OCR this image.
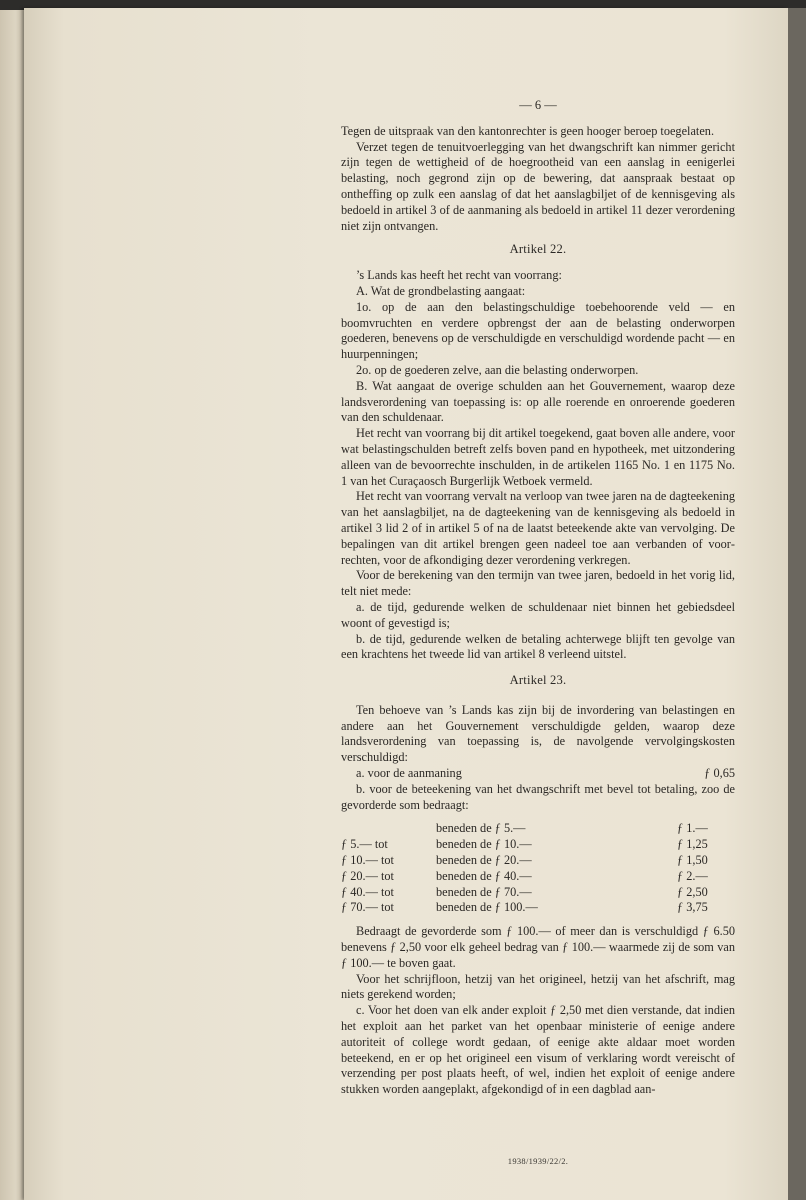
— 6 —

Tegen de uitspraak van den kantonrechter is geen hooger beroep toegelaten.

Verzet tegen de tenuitvoerlegging van het dwangschrift kan nimmer gericht zijn tegen de wettigheid of de hoegrootheid van een aanslag in eenigerlei belasting, noch gegrond zijn op de bewering, dat aanspraak bestaat op ontheffing op zulk een aanslag of dat het aanslagbiljet of de kennisgeving als bedoeld in artikel 3 of de aanmaning als bedoeld in artikel 11 dezer verordening niet zijn ontvangen.

Artikel 22.

’s Lands kas heeft het recht van voorrang:

A. Wat de grondbelasting aangaat:

1o. op de aan den belastingschuldige toebehoorende veld — en boomvruchten en verdere opbrengst der aan de belasting onderworpen goederen, benevens op de verschuldigde en verschuldigd wordende pacht — en huurpenningen;

2o. op de goederen zelve, aan die belasting onderworpen.

B. Wat aangaat de overige schulden aan het Gouvernement, waarop deze landsverordening van toepassing is: op alle roerende en onroerende goederen van den schuldenaar.

Het recht van voorrang bij dit artikel toegekend, gaat boven alle andere, voor wat belastingschulden betreft zelfs boven pand en hypotheek, met uitzondering alleen van de bevoorrechte inschulden, in de artikelen 1165 No. 1 en 1175 No. 1 van het Curaçaosch Burgerlijk Wetboek vermeld.

Het recht van voorrang vervalt na verloop van twee jaren na de dagteekening van het aanslagbiljet, na de dagteekening van de kennisgeving als bedoeld in artikel 3 lid 2 of in artikel 5 of na de laatst beteekende akte van vervolging. De bepalingen van dit artikel brengen geen nadeel toe aan verbanden of voorrechten, voor de afkondiging dezer verordening verkregen.

Voor de berekening van den termijn van twee jaren, bedoeld in het vorig lid, telt niet mede:

a. de tijd, gedurende welken de schuldenaar niet binnen het gebiedsdeel woont of gevestigd is;

b. de tijd, gedurende welken de betaling achterwege blijft ten gevolge van een krachtens het tweede lid van artikel 8 verleend uitstel.

Artikel 23.

Ten behoeve van ’s Lands kas zijn bij de invordering van belastingen en andere aan het Gouvernement verschuldigde gelden, waarop deze landsverordening van toepassing is, de navolgende vervolgingskosten verschuldigd:

a. voor de aanmaning	ƒ 0,65

b. voor de beteekening van het dwangschrift met bevel tot betaling, zoo de gevorderde som bedraagt:

	beneden de ƒ 5.—	ƒ 1.—
ƒ 5.— tot	beneden de ƒ 10.—	ƒ 1,25
ƒ 10.— tot	beneden de ƒ 20.—	ƒ 1,50
ƒ 20.— tot	beneden de ƒ 40.—	ƒ 2.—
ƒ 40.— tot	beneden de ƒ 70.—	ƒ 2,50
ƒ 70.— tot	beneden de ƒ 100.—	ƒ 3,75

Bedraagt de gevorderde som ƒ 100.— of meer dan is verschuldigd ƒ 6.50 benevens ƒ 2,50 voor elk geheel bedrag van ƒ 100.— waarmede zij de som van ƒ 100.— te boven gaat.

Voor het schrijfloon, hetzij van het origineel, hetzij van het afschrift, mag niets gerekend worden;

c. Voor het doen van elk ander exploit ƒ 2,50 met dien verstande, dat indien het exploit aan het parket van het openbaar ministerie of eenige andere autoriteit of college wordt gedaan, of eenige akte aldaar moet worden beteekend, en er op het origineel een visum of verklaring wordt vereischt of verzending per post plaats heeft, of wel, indien het exploit of eenige andere stukken worden aangeplakt, afgekondigd of in een dagblad aan-

1938/1939/22/2.
